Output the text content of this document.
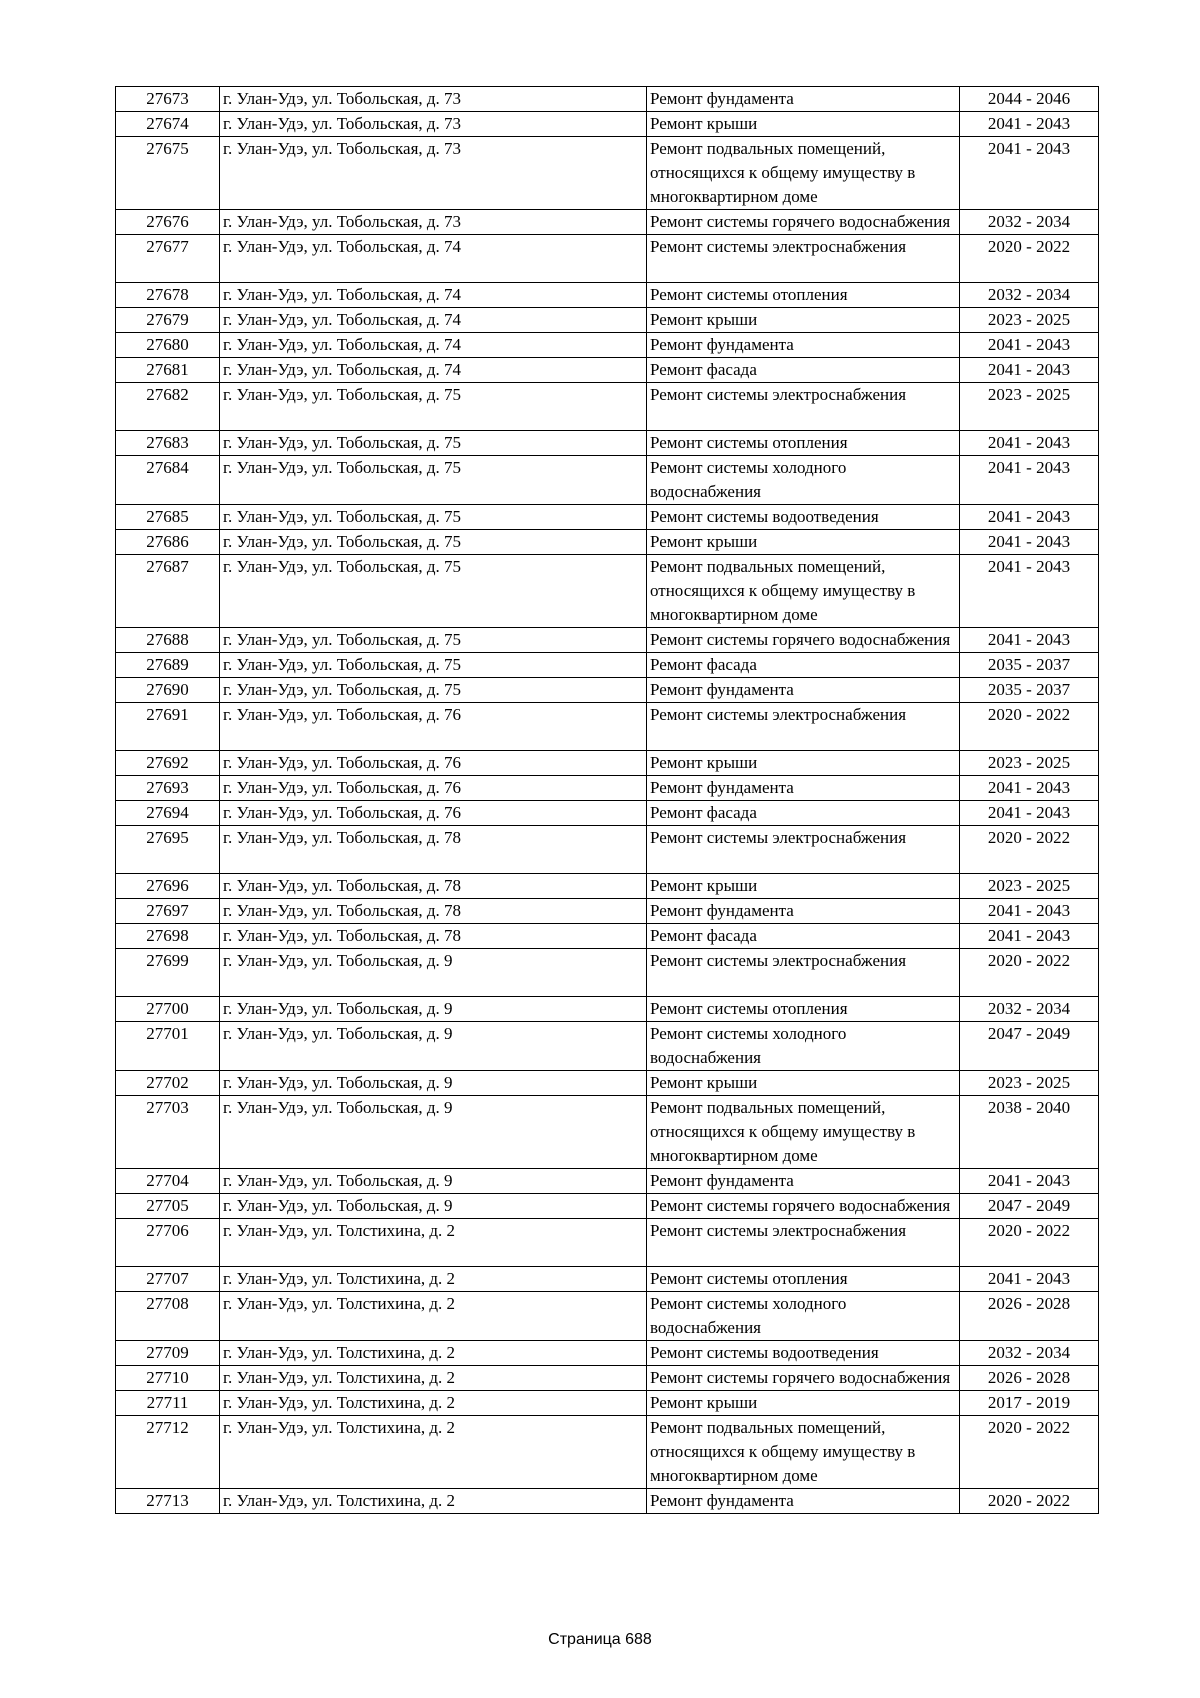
27673	г. Улан-Удэ, ул. Тобольская, д. 73	Ремонт фундамента	2044 - 2046
27674	г. Улан-Удэ, ул. Тобольская, д. 73	Ремонт крыши	2041 - 2043
27675	г. Улан-Удэ, ул. Тобольская, д. 73	Ремонт подвальных помещений, относящихся к общему имуществу в многоквартирном доме	2041 - 2043
27676	г. Улан-Удэ, ул. Тобольская, д. 73	Ремонт системы горячего водоснабжения	2032 - 2034
27677	г. Улан-Удэ, ул. Тобольская, д. 74	Ремонт системы электроснабжения	2020 - 2022
27678	г. Улан-Удэ, ул. Тобольская, д. 74	Ремонт системы отопления	2032 - 2034
27679	г. Улан-Удэ, ул. Тобольская, д. 74	Ремонт крыши	2023 - 2025
27680	г. Улан-Удэ, ул. Тобольская, д. 74	Ремонт фундамента	2041 - 2043
27681	г. Улан-Удэ, ул. Тобольская, д. 74	Ремонт фасада	2041 - 2043
27682	г. Улан-Удэ, ул. Тобольская, д. 75	Ремонт системы электроснабжения	2023 - 2025
27683	г. Улан-Удэ, ул. Тобольская, д. 75	Ремонт системы отопления	2041 - 2043
27684	г. Улан-Удэ, ул. Тобольская, д. 75	Ремонт системы холодного водоснабжения	2041 - 2043
27685	г. Улан-Удэ, ул. Тобольская, д. 75	Ремонт системы водоотведения	2041 - 2043
27686	г. Улан-Удэ, ул. Тобольская, д. 75	Ремонт крыши	2041 - 2043
27687	г. Улан-Удэ, ул. Тобольская, д. 75	Ремонт подвальных помещений, относящихся к общему имуществу в многоквартирном доме	2041 - 2043
27688	г. Улан-Удэ, ул. Тобольская, д. 75	Ремонт системы горячего водоснабжения	2041 - 2043
27689	г. Улан-Удэ, ул. Тобольская, д. 75	Ремонт фасада	2035 - 2037
27690	г. Улан-Удэ, ул. Тобольская, д. 75	Ремонт фундамента	2035 - 2037
27691	г. Улан-Удэ, ул. Тобольская, д. 76	Ремонт системы электроснабжения	2020 - 2022
27692	г. Улан-Удэ, ул. Тобольская, д. 76	Ремонт крыши	2023 - 2025
27693	г. Улан-Удэ, ул. Тобольская, д. 76	Ремонт фундамента	2041 - 2043
27694	г. Улан-Удэ, ул. Тобольская, д. 76	Ремонт фасада	2041 - 2043
27695	г. Улан-Удэ, ул. Тобольская, д. 78	Ремонт системы электроснабжения	2020 - 2022
27696	г. Улан-Удэ, ул. Тобольская, д. 78	Ремонт крыши	2023 - 2025
27697	г. Улан-Удэ, ул. Тобольская, д. 78	Ремонт фундамента	2041 - 2043
27698	г. Улан-Удэ, ул. Тобольская, д. 78	Ремонт фасада	2041 - 2043
27699	г. Улан-Удэ, ул. Тобольская, д. 9	Ремонт системы электроснабжения	2020 - 2022
27700	г. Улан-Удэ, ул. Тобольская, д. 9	Ремонт системы отопления	2032 - 2034
27701	г. Улан-Удэ, ул. Тобольская, д. 9	Ремонт системы холодного водоснабжения	2047 - 2049
27702	г. Улан-Удэ, ул. Тобольская, д. 9	Ремонт крыши	2023 - 2025
27703	г. Улан-Удэ, ул. Тобольская, д. 9	Ремонт подвальных помещений, относящихся к общему имуществу в многоквартирном доме	2038 - 2040
27704	г. Улан-Удэ, ул. Тобольская, д. 9	Ремонт фундамента	2041 - 2043
27705	г. Улан-Удэ, ул. Тобольская, д. 9	Ремонт системы горячего водоснабжения	2047 - 2049
27706	г. Улан-Удэ, ул. Толстихина, д. 2	Ремонт системы электроснабжения	2020 - 2022
27707	г. Улан-Удэ, ул. Толстихина, д. 2	Ремонт системы отопления	2041 - 2043
27708	г. Улан-Удэ, ул. Толстихина, д. 2	Ремонт системы холодного водоснабжения	2026 - 2028
27709	г. Улан-Удэ, ул. Толстихина, д. 2	Ремонт системы водоотведения	2032 - 2034
27710	г. Улан-Удэ, ул. Толстихина, д. 2	Ремонт системы горячего водоснабжения	2026 - 2028
27711	г. Улан-Удэ, ул. Толстихина, д. 2	Ремонт крыши	2017 - 2019
27712	г. Улан-Удэ, ул. Толстихина, д. 2	Ремонт подвальных помещений, относящихся к общему имуществу в многоквартирном доме	2020 - 2022
27713	г. Улан-Удэ, ул. Толстихина, д. 2	Ремонт фундамента	2020 - 2022
Страница 688
